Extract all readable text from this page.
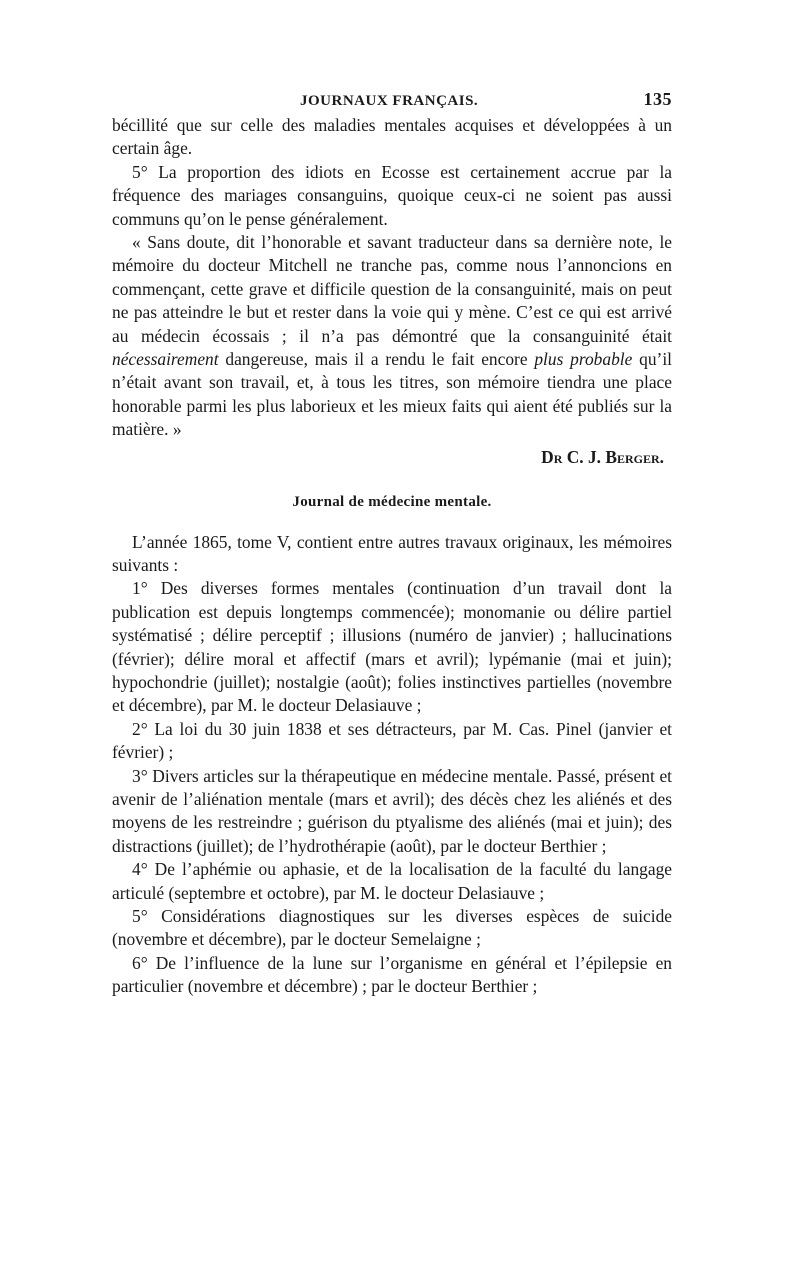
JOURNAUX FRANÇAIS.	135

bécillité que sur celle des maladies mentales acquises et développées à un certain âge.

5° La proportion des idiots en Ecosse est certainement accrue par la fréquence des mariages consanguins, quoique ceux-ci ne soient pas aussi communs qu’on le pense généralement.

« Sans doute, dit l’honorable et savant traducteur dans sa dernière note, le mémoire du docteur Mitchell ne tranche pas, comme nous l’annoncions en commençant, cette grave et difficile question de la consanguinité, mais on peut ne pas atteindre le but et rester dans la voie qui y mène. C’est ce qui est arrivé au médecin écossais ; il n’a pas démontré que la consanguinité était nécessairement dangereuse, mais il a rendu le fait encore plus probable qu’il n’était avant son travail, et, à tous les titres, son mémoire tiendra une place honorable parmi les plus laborieux et les mieux faits qui aient été publiés sur la matière. »

Dr C. J. Berger.
Journal de médecine mentale.

L’année 1865, tome V, contient entre autres travaux originaux, les mémoires suivants :

1° Des diverses formes mentales (continuation d’un travail dont la publication est depuis longtemps commencée); monomanie ou délire partiel systématisé ; délire perceptif ; illusions (numéro de janvier) ; hallucinations (février); délire moral et affectif (mars et avril); lypémanie (mai et juin); hypochondrie (juillet); nostalgie (août); folies instinctives partielles (novembre et décembre), par M. le docteur Delasiauve ;

2° La loi du 30 juin 1838 et ses détracteurs, par M. Cas. Pinel (janvier et février) ;

3° Divers articles sur la thérapeutique en médecine mentale. Passé, présent et avenir de l’aliénation mentale (mars et avril); des décès chez les aliénés et des moyens de les restreindre ; guérison du ptyalisme des aliénés (mai et juin); des distractions (juillet); de l’hydrothérapie (août), par le docteur Berthier ;

4° De l’aphémie ou aphasie, et de la localisation de la faculté du langage articulé (septembre et octobre), par M. le docteur Delasiauve ;

5° Considérations diagnostiques sur les diverses espèces de suicide (novembre et décembre), par le docteur Semelaigne ;

6° De l’influence de la lune sur l’organisme en général et l’épilepsie en particulier (novembre et décembre) ; par le docteur Berthier ;
